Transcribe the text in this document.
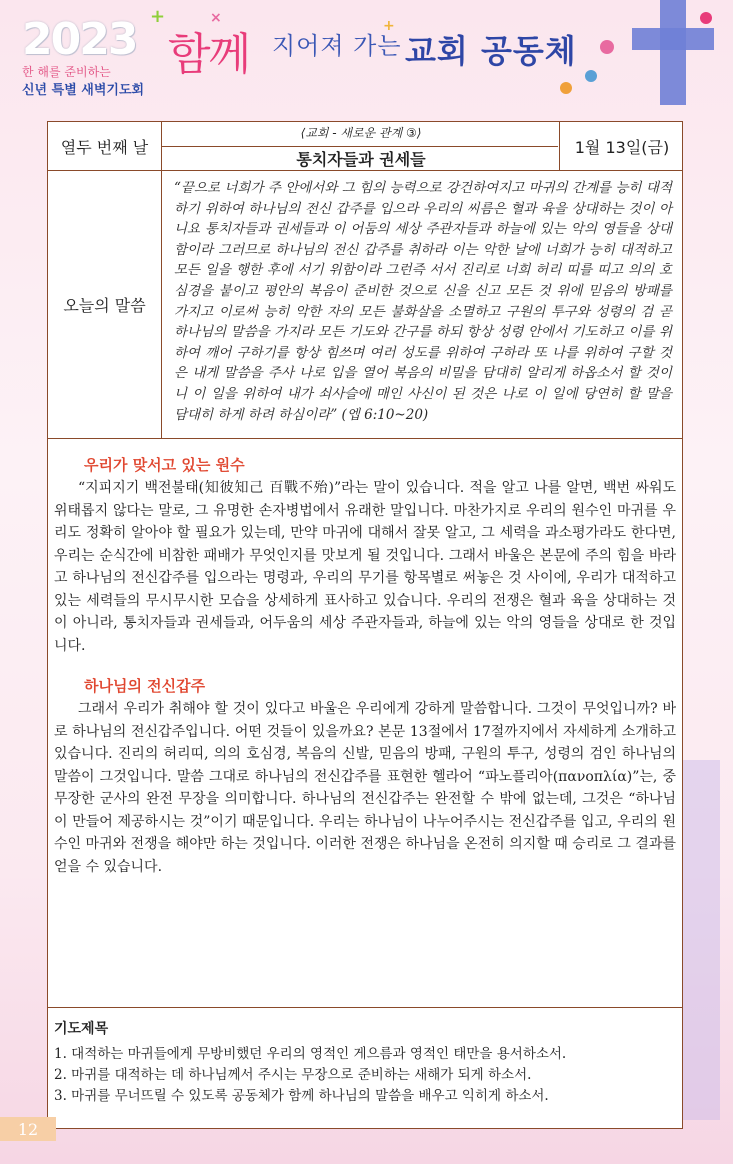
2023
한 해를 준비하는
신년 특별 새벽기도회
+	×	+
함께 지어져 가는 교회 공동체
열두 번째 날
⟨교회 - 새로운 관계 ③⟩
통치자들과 권세들
1월 13일(금)
오늘의 말씀
“끝으로 너희가 주 안에서와 그 힘의 능력으로 강건하여지고 마귀의 간계를 능히 대적하기 위하여 하나님의 전신 갑주를 입으라 우리의 씨름은 혈과 육을 상대하는 것이 아니요 통치자들과 권세들과 이 어둠의 세상 주관자들과 하늘에 있는 악의 영들을 상대함이라 그러므로 하나님의 전신 갑주를 취하라 이는 악한 날에 너희가 능히 대적하고 모든 일을 행한 후에 서기 위함이라 그런즉 서서 진리로 너희 허리 띠를 띠고 의의 호심경을 붙이고 평안의 복음이 준비한 것으로 신을 신고 모든 것 위에 믿음의 방패를 가지고 이로써 능히 악한 자의 모든 불화살을 소멸하고 구원의 투구와 성령의 검 곧 하나님의 말씀을 가지라 모든 기도와 간구를 하되 항상 성령 안에서 기도하고 이를 위하여 깨어 구하기를 항상 힘쓰며 여러 성도를 위하여 구하라 또 나를 위하여 구할 것은 내게 말씀을 주사 나로 입을 열어 복음의 비밀을 담대히 알리게 하옵소서 할 것이니 이 일을 위하여 내가 쇠사슬에 매인 사신이 된 것은 나로 이 일에 당연히 할 말을 담대히 하게 하려 하심이라” (엡 6:10~20)
우리가 맞서고 있는 원수

“지피지기 백전불태(知彼知己 百戰不殆)”라는 말이 있습니다. 적을 알고 나를 알면, 백번 싸워도 위태롭지 않다는 말로, 그 유명한 손자병법에서 유래한 말입니다. 마찬가지로 우리의 원수인 마귀를 우리도 정확히 알아야 할 필요가 있는데, 만약 마귀에 대해서 잘못 알고, 그 세력을 과소평가라도 한다면, 우리는 순식간에 비참한 패배가 무엇인지를 맛보게 될 것입니다. 그래서 바울은 본문에 주의 힘을 바라고 하나님의 전신갑주를 입으라는 명령과, 우리의 무기를 항목별로 써놓은 것 사이에, 우리가 대적하고 있는 세력들의 무시무시한 모습을 상세하게 표사하고 있습니다. 우리의 전쟁은 혈과 육을 상대하는 것이 아니라, 통치자들과 권세들과, 어두움의 세상 주관자들과, 하늘에 있는 악의 영들을 상대로 한 것입니다.

하나님의 전신갑주

그래서 우리가 취해야 할 것이 있다고 바울은 우리에게 강하게 말씀합니다. 그것이 무엇입니까? 바로 하나님의 전신갑주입니다. 어떤 것들이 있을까요? 본문 13절에서 17절까지에서 자세하게 소개하고 있습니다. 진리의 허리띠, 의의 호심경, 복음의 신발, 믿음의 방패, 구원의 투구, 성령의 검인 하나님의 말씀이 그것입니다. 말씀 그대로 하나님의 전신갑주를 표현한 헬라어 “파노플리아(πανοπλία)”는, 중무장한 군사의 완전 무장을 의미합니다. 하나님의 전신갑주는 완전할 수 밖에 없는데, 그것은 “하나님이 만들어 제공하시는 것”이기 때문입니다. 우리는 하나님이 나누어주시는 전신갑주를 입고, 우리의 원수인 마귀와 전쟁을 해야만 하는 것입니다. 이러한 전쟁은 하나님을 온전히 의지할 때 승리로 그 결과를 얻을 수 있습니다.

기도제목
1. 대적하는 마귀들에게 무방비했던 우리의 영적인 게으름과 영적인 태만을 용서하소서.
2. 마귀를 대적하는 데 하나님께서 주시는 무장으로 준비하는 새해가 되게 하소서.
3. 마귀를 무너뜨릴 수 있도록 공동체가 함께 하나님의 말씀을 배우고 익히게 하소서.
12
